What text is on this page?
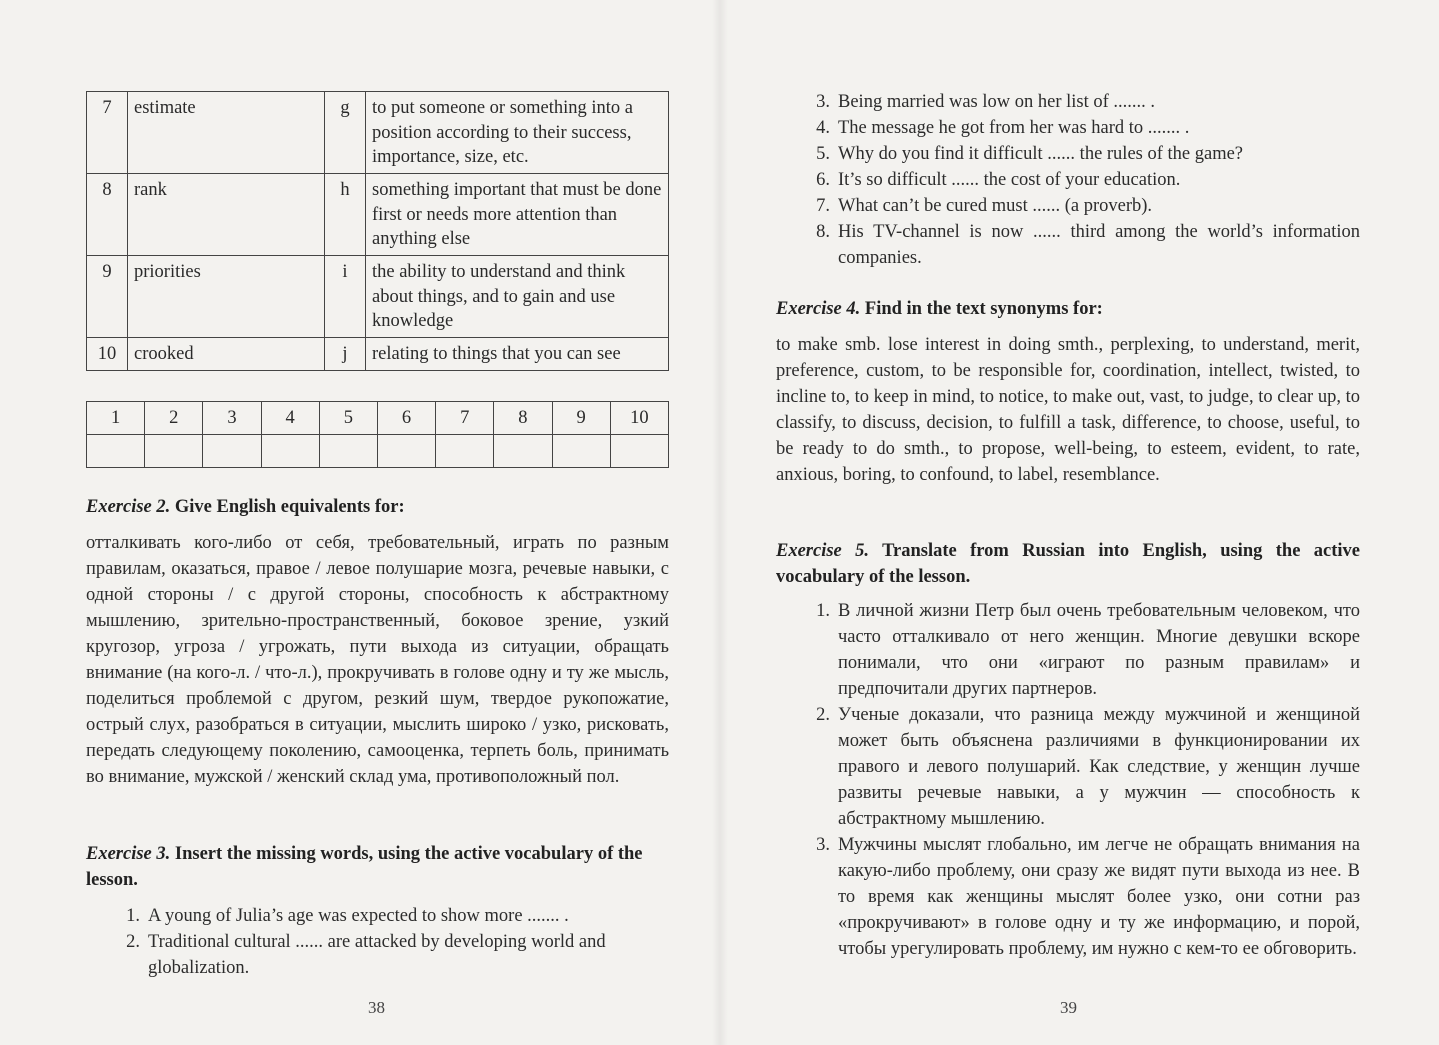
7	estimate	g	to put someone or something into a position according to their success, importance, size, etc.
8	rank	h	something important that must be done first or needs more attention than anything else
9	priorities	i	the ability to understand and think about things, and to gain and use knowledge
10	crooked	j	relating to things that you can see
1	2	3	4	5	6	7	8	9	10

Exercise 2. Give English equivalents for:
отталкивать кого-либо от себя, требовательный, играть по разным правилам, оказаться, правое / левое полушарие мозга, речевые навыки, с одной стороны / с другой стороны, способность к абстрактному мышлению, зрительно-пространственный, боковое зрение, узкий кругозор, угроза / угрожать, пути выхода из ситуации, обращать внимание (на кого-л. / что-л.), прокручивать в голове одну и ту же мысль, поделиться проблемой с другом, резкий шум, твердое рукопожатие, острый слух, разобраться в ситуации, мыслить широко / узко, рисковать, передать следующему поколению, самооценка, терпеть боль, принимать во внимание, мужской / женский склад ума, противоположный пол.
Exercise 3. Insert the missing words, using the active vocabulary of the lesson.
1. A young of Julia’s age was expected to show more ....... .
2. Traditional cultural ...... are attacked by developing world and globalization.
38
3. Being married was low on her list of ....... .
4. The message he got from her was hard to ....... .
5. Why do you find it difficult ...... the rules of the game?
6. It’s so difficult ...... the cost of your education.
7. What can’t be cured must ...... (a proverb).
8. His TV-channel is now ...... third among the world’s information companies.
Exercise 4. Find in the text synonyms for:
to make smb. lose interest in doing smth., perplexing, to understand, merit, preference, custom, to be responsible for, coordination, intellect, twisted, to incline to, to keep in mind, to notice, to make out, vast, to judge, to clear up, to classify, to discuss, decision, to fulfill a task, difference, to choose, useful, to be ready to do smth., to propose, well-being, to esteem, evident, to rate, anxious, boring, to confound, to label, resemblance.
Exercise 5. Translate from Russian into English, using the active vocabulary of the lesson.
1. В личной жизни Петр был очень требовательным человеком, что часто отталкивало от него женщин. Многие девушки вскоре понимали, что они «играют по разным правилам» и предпочитали других партнеров.
2. Ученые доказали, что разница между мужчиной и женщиной может быть объяснена различиями в функционировании их правого и левого полушарий. Как следствие, у женщин лучше развиты речевые навыки, а у мужчин — способность к абстрактному мышлению.
3. Мужчины мыслят глобально, им легче не обращать внимания на какую-либо проблему, они сразу же видят пути выхода из нее. В то время как женщины мыслят более узко, они сотни раз «прокручивают» в голове одну и ту же информацию, и порой, чтобы урегулировать проблему, им нужно с кем-то ее обговорить.
39
